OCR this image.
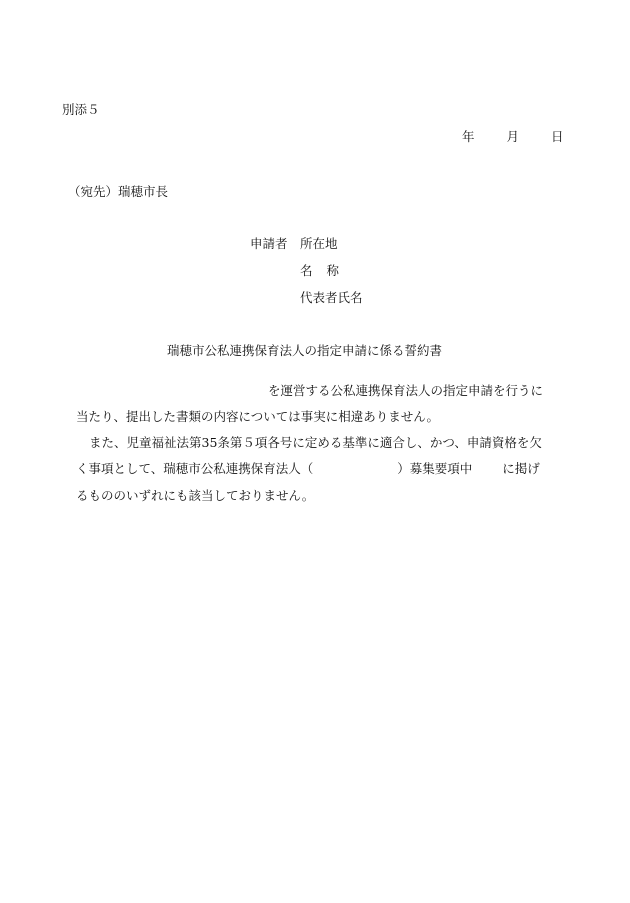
別添５
年	月	日
（宛先）瑞穂市長
申請者 所在地
名 称
代表者氏名
瑞穂市公私連携保育法人の指定申請に係る誓約書
を運営する公私連携保育法人の指定申請を行うに
当たり、提出した書類の内容については事実に相違ありません。
また、児童福祉法第35条第５項各号に定める基準に適合し、かつ、申請資格を欠
く事項として、瑞穂市公私連携保育法人（	）募集要項中 に掲げ
るもののいずれにも該当しておりません。
